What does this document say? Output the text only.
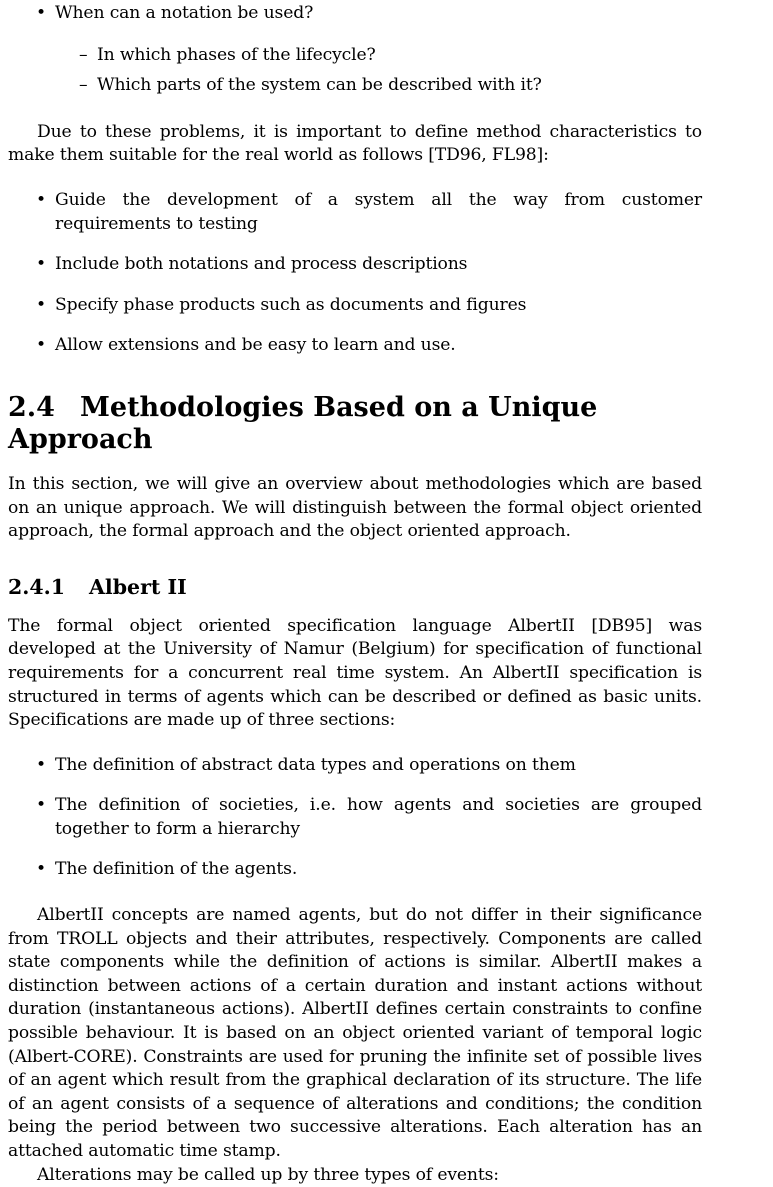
• When can a notation be used?
– In which phases of the lifecycle?
– Which parts of the system can be described with it?

Due to these problems, it is important to define method characteristics to make them suitable for the real world as follows [TD96, FL98]:

• Guide the development of a system all the way from customer requirements to testing
• Include both notations and process descriptions
• Specify phase products such as documents and figures
• Allow extensions and be easy to learn and use.
2.4 Methodologies Based on a Unique Approach

In this section, we will give an overview about methodologies which are based on an unique approach. We will distinguish between the formal object oriented approach, the formal approach and the object oriented approach.

2.4.1 Albert II

The formal object oriented specification language AlbertII [DB95] was developed at the University of Namur (Belgium) for specification of functional requirements for a concurrent real time system. An AlbertII specification is structured in terms of agents which can be described or defined as basic units. Specifications are made up of three sections:

• The definition of abstract data types and operations on them
• The definition of societies, i.e. how agents and societies are grouped together to form a hierarchy
• The definition of the agents.

AlbertII concepts are named agents, but do not differ in their significance from TROLL objects and their attributes, respectively. Components are called state components while the definition of actions is similar. AlbertII makes a distinction between actions of a certain duration and instant actions without duration (instantaneous actions). AlbertII defines certain constraints to confine possible behaviour. It is based on an object oriented variant of temporal logic (Albert-CORE). Constraints are used for pruning the infinite set of possible lives of an agent which result from the graphical declaration of its structure. The life of an agent consists of a sequence of alterations and conditions; the condition being the period between two successive alterations. Each alteration has an attached automatic time stamp.

Alterations may be called up by three types of events:
